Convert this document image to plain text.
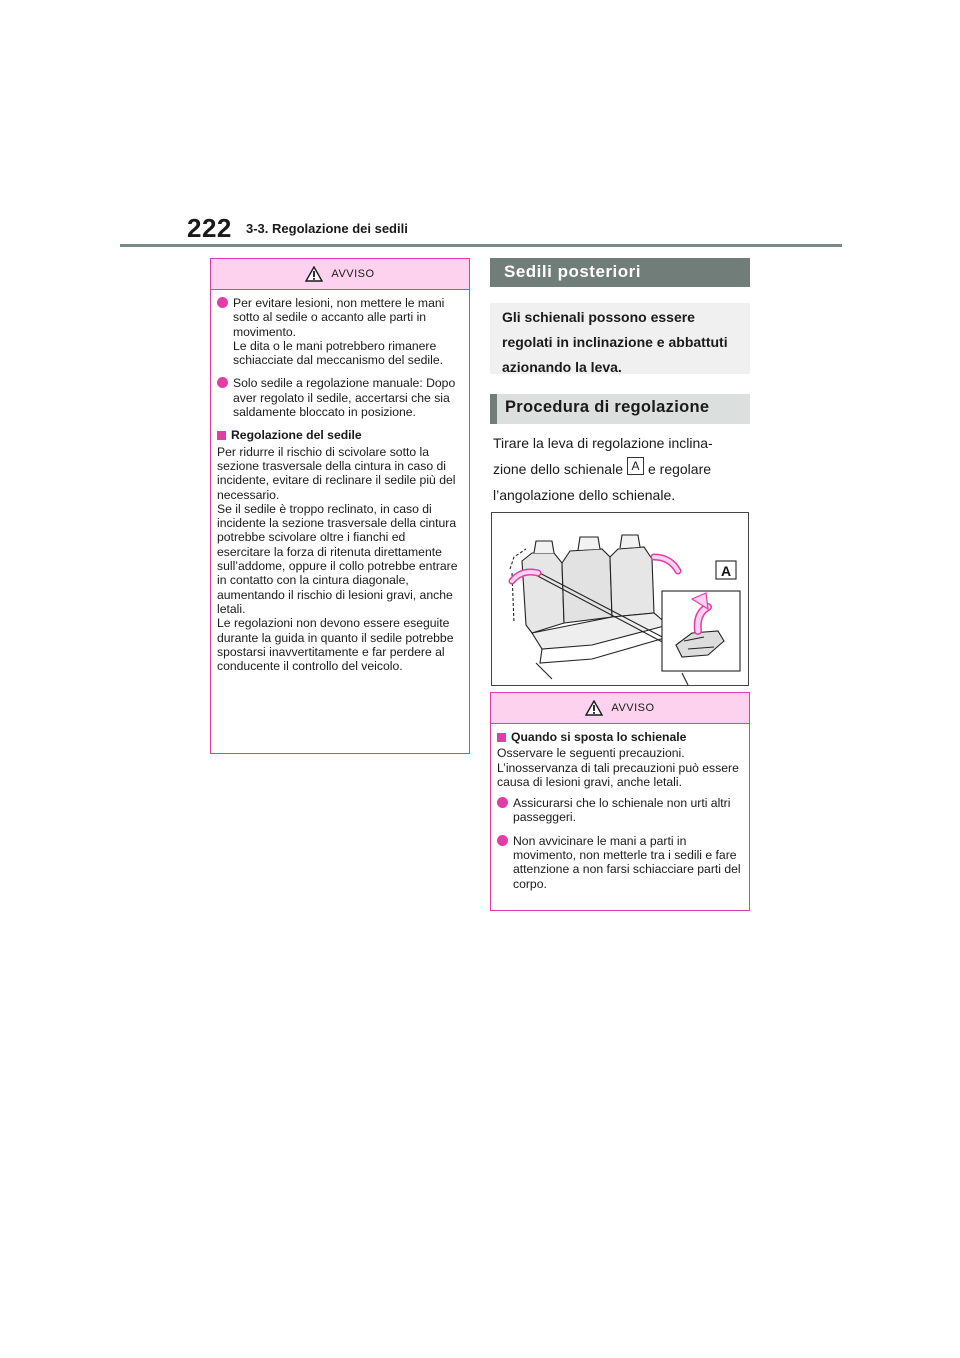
222 3-3. Regolazione dei sedili
AVVISO
Per evitare lesioni, non mettere le mani sotto al sedile o accanto alle parti in movimento.
Le dita o le mani potrebbero rimanere schiacciate dal meccanismo del sedile.
Solo sedile a regolazione manuale: Dopo aver regolato il sedile, accertarsi che sia saldamente bloccato in posizione.
Regolazione del sedile
Per ridurre il rischio di scivolare sotto la sezione trasversale della cintura in caso di incidente, evitare di reclinare il sedile più del necessario.
Se il sedile è troppo reclinato, in caso di incidente la sezione trasversale della cintura potrebbe scivolare oltre i fianchi ed esercitare la forza di ritenuta direttamente sull’addome, oppure il collo potrebbe entrare in contatto con la cintura diagonale, aumentando il rischio di lesioni gravi, anche letali.
Le regolazioni non devono essere eseguite durante la guida in quanto il sedile potrebbe spostarsi inavvertitamente e far perdere al conducente il controllo del veicolo.
Sedili posteriori
Gli schienali possono essere
regolati in inclinazione e abbattuti
azionando la leva.
Procedura di regolazione
Tirare la leva di regolazione inclina-
zione dello schienale A e regolare
l’angolazione dello schienale.
A
AVVISO
Quando si sposta lo schienale
Osservare le seguenti precauzioni.
L’inosservanza di tali precauzioni può essere causa di lesioni gravi, anche letali.
Assicurarsi che lo schienale non urti altri passeggeri.
Non avvicinare le mani a parti in movimento, non metterle tra i sedili e fare attenzione a non farsi schiacciare parti del corpo.
